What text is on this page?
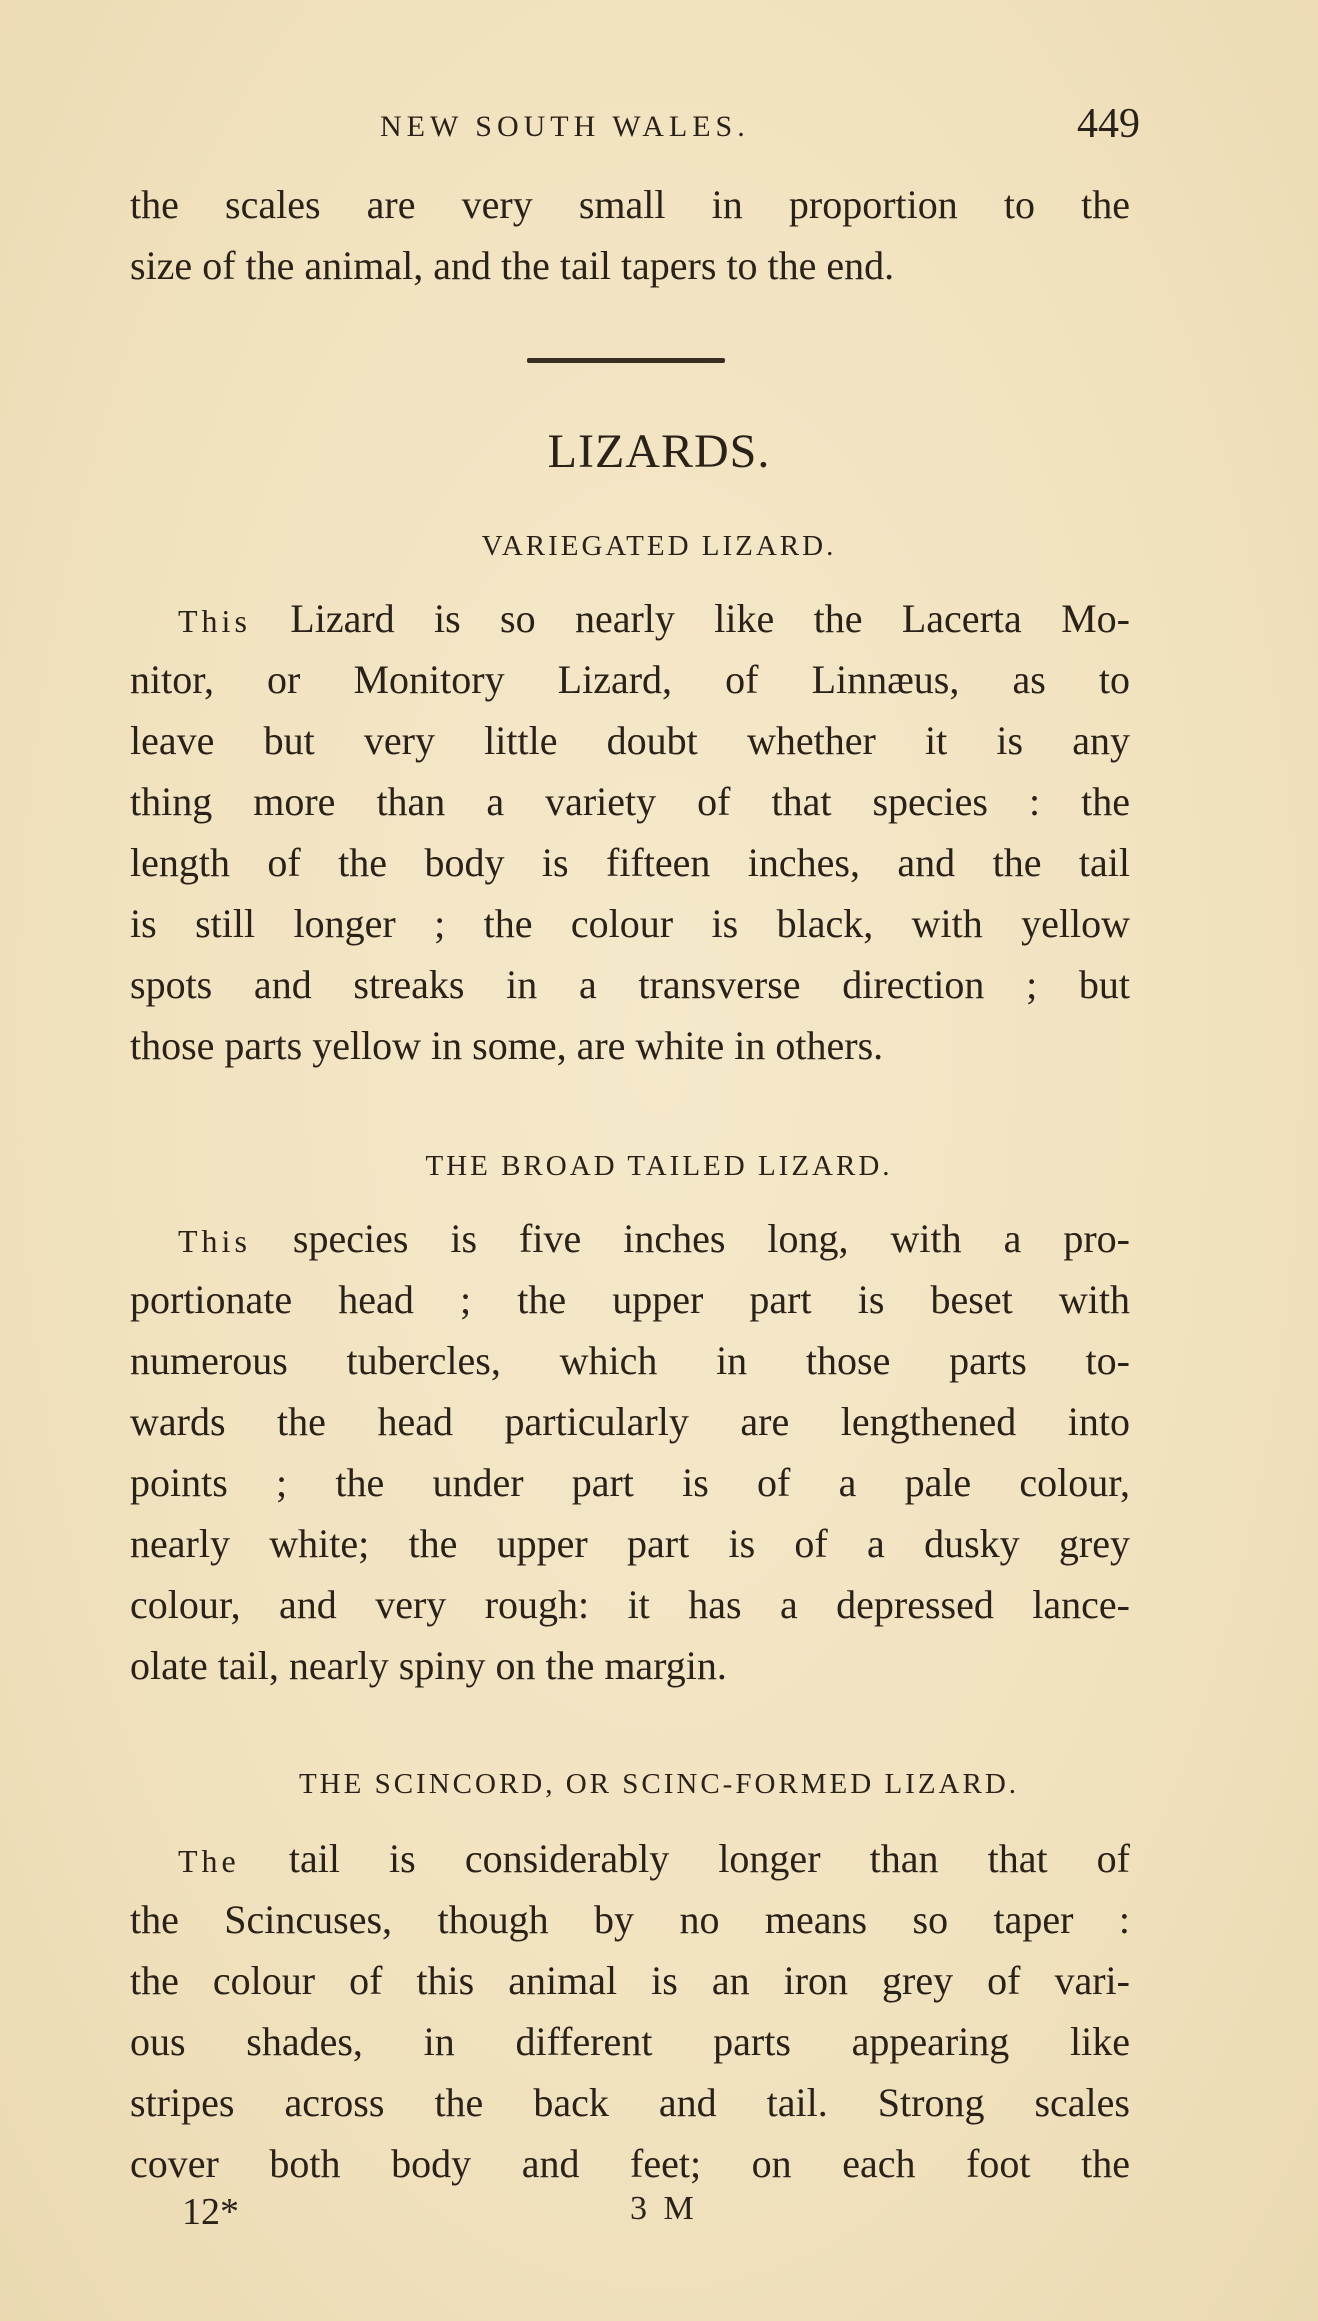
NEW SOUTH WALES.	449
the scales are very small in proportion to the
size of the animal, and the tail tapers to the end.
LIZARDS.
VARIEGATED LIZARD.
This Lizard is so nearly like the Lacerta Mo-
nitor, or Monitory Lizard, of Linnæus, as to
leave but very little doubt whether it is any
thing more than a variety of that species : the
length of the body is fifteen inches, and the tail
is still longer ; the colour is black, with yellow
spots and streaks in a transverse direction ; but
those parts yellow in some, are white in others.
THE BROAD TAILED LIZARD.
This species is five inches long, with a pro-
portionate head ; the upper part is beset with
numerous tubercles, which in those parts to-
wards the head particularly are lengthened into
points ; the under part is of a pale colour,
nearly white; the upper part is of a dusky grey
colour, and very rough: it has a depressed lance-
olate tail, nearly spiny on the margin.
THE SCINCORD, OR SCINC-FORMED LIZARD.
The tail is considerably longer than that of
the Scincuses, though by no means so taper :
the colour of this animal is an iron grey of vari-
ous shades, in different parts appearing like
stripes across the back and tail. Strong scales
cover both body and feet; on each foot the
12*	3 M
